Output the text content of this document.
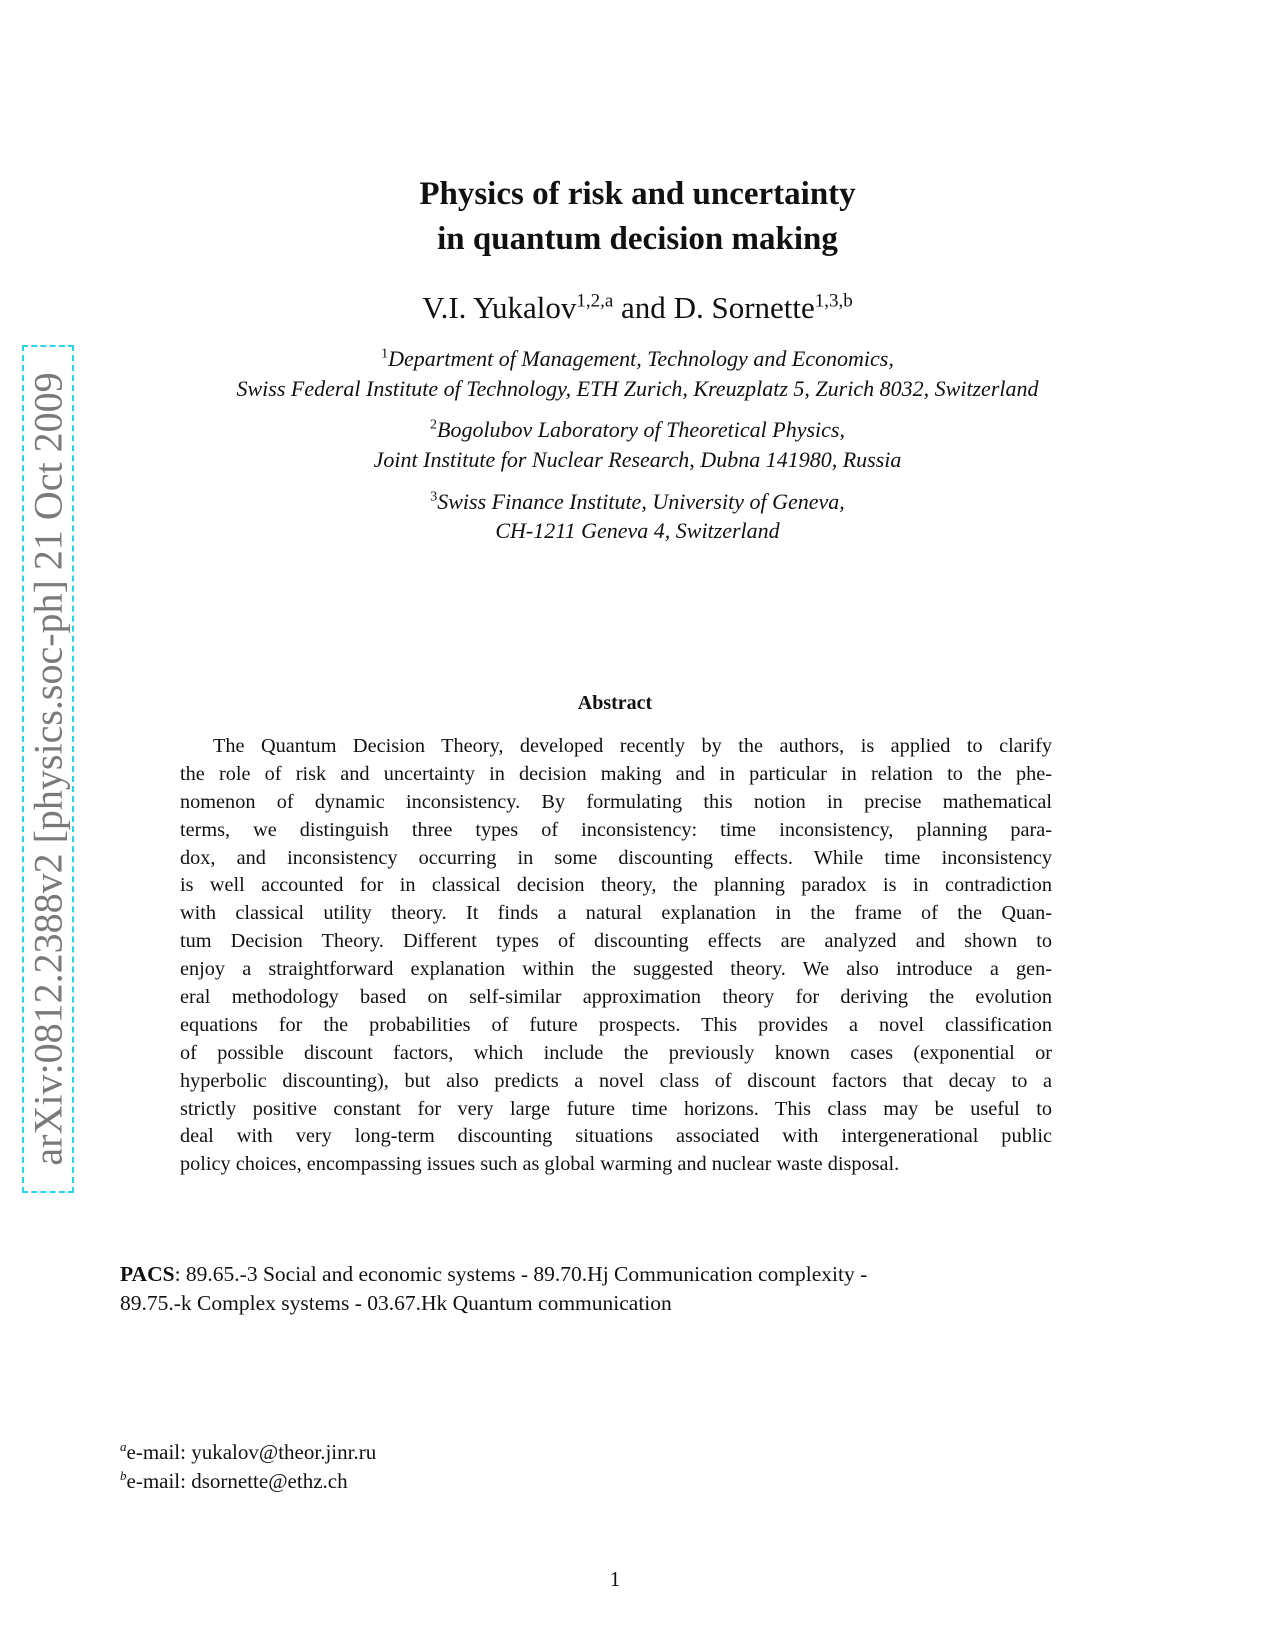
arXiv:0812.2388v2 [physics.soc-ph] 21 Oct 2009
Physics of risk and uncertainty
in quantum decision making
V.I. Yukalov$^{1,2,a}$ and D. Sornette$^{1,3,b}$
$^1$Department of Management, Technology and Economics,
Swiss Federal Institute of Technology, ETH Zurich, Kreuzplatz 5, Zurich 8032, Switzerland
$^2$Bogolubov Laboratory of Theoretical Physics,
Joint Institute for Nuclear Research, Dubna 141980, Russia
$^3$Swiss Finance Institute, University of Geneva,
CH-1211 Geneva 4, Switzerland
Abstract
The Quantum Decision Theory, developed recently by the authors, is applied to clarify
the role of risk and uncertainty in decision making and in particular in relation to the phe-
nomenon of dynamic inconsistency. By formulating this notion in precise mathematical
terms, we distinguish three types of inconsistency: time inconsistency, planning para-
dox, and inconsistency occurring in some discounting effects. While time inconsistency
is well accounted for in classical decision theory, the planning paradox is in contradiction
with classical utility theory. It finds a natural explanation in the frame of the Quan-
tum Decision Theory. Different types of discounting effects are analyzed and shown to
enjoy a straightforward explanation within the suggested theory. We also introduce a gen-
eral methodology based on self-similar approximation theory for deriving the evolution
equations for the probabilities of future prospects. This provides a novel classification
of possible discount factors, which include the previously known cases (exponential or
hyperbolic discounting), but also predicts a novel class of discount factors that decay to a
strictly positive constant for very large future time horizons. This class may be useful to
deal with very long-term discounting situations associated with intergenerational public
policy choices, encompassing issues such as global warming and nuclear waste disposal.
PACS: 89.65.-3 Social and economic systems - 89.70.Hj Communication complexity -
89.75.-k Complex systems - 03.67.Hk Quantum communication
$^a$e-mail: yukalov@theor.jinr.ru
$^b$e-mail: dsornette@ethz.ch
1
